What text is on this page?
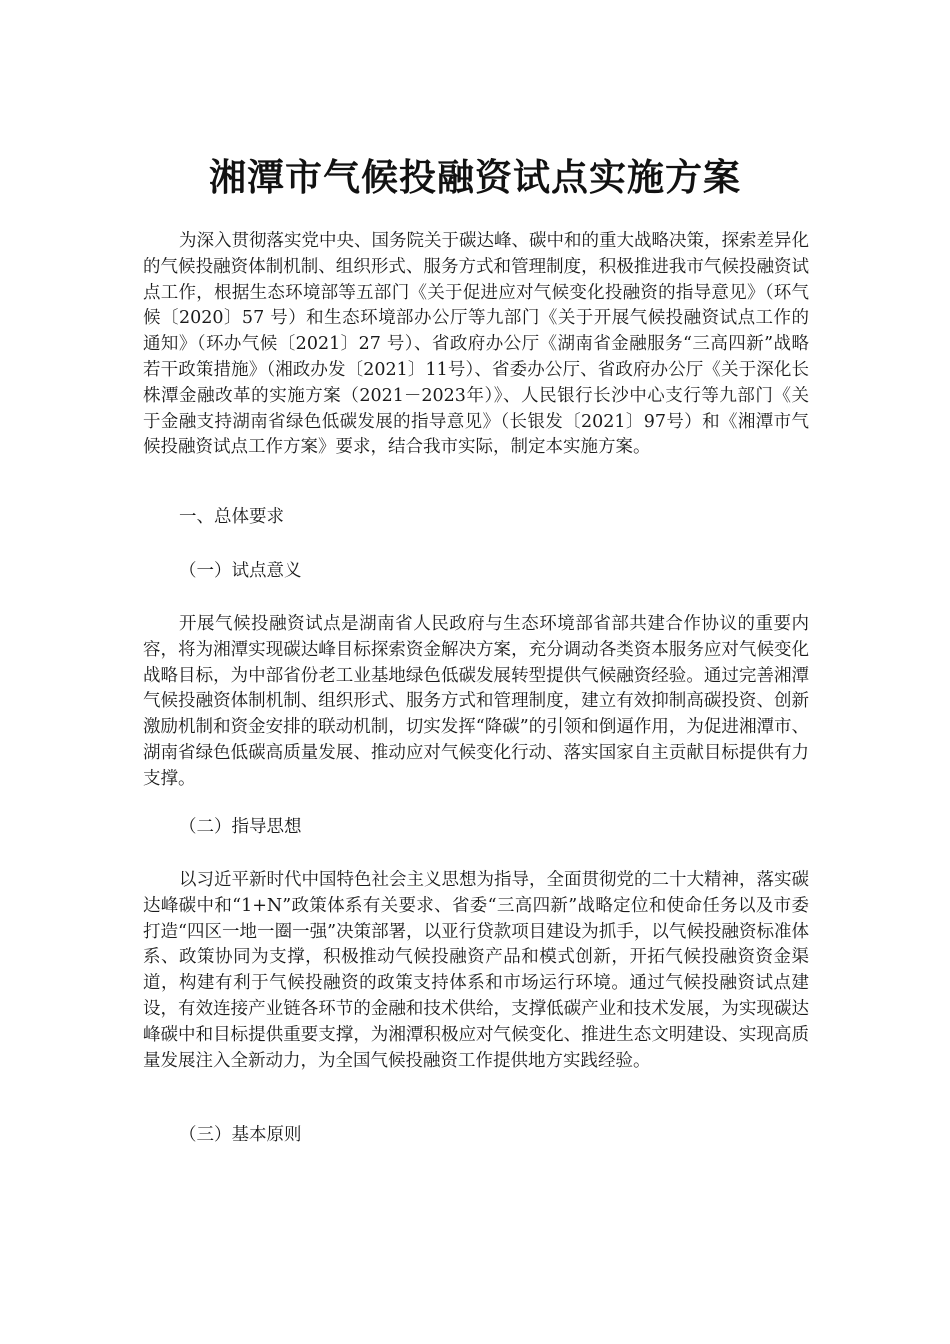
湘潭市气候投融资试点实施方案

为深入贯彻落实党中央、国务院关于碳达峰、碳中和的重大战略决策，探索差异化的气候投融资体制机制、组织形式、服务方式和管理制度，积极推进我市气候投融资试点工作，根据生态环境部等五部门《关于促进应对气候变化投融资的指导意见》（环气候〔2020〕57 号）和生态环境部办公厅等九部门《关于开展气候投融资试点工作的通知》（环办气候〔2021〕27 号）、省政府办公厅《湖南省金融服务“三高四新”战略若干政策措施》（湘政办发〔2021〕11号）、省委办公厅、省政府办公厅《关于深化长株潭金融改革的实施方案（2021－2023年）》、人民银行长沙中心支行等九部门《关于金融支持湖南省绿色低碳发展的指导意见》（长银发〔2021〕97号）和《湘潭市气候投融资试点工作方案》要求，结合我市实际，制定本实施方案。

一、总体要求

（一）试点意义

开展气候投融资试点是湖南省人民政府与生态环境部省部共建合作协议的重要内容，将为湘潭实现碳达峰目标探索资金解决方案，充分调动各类资本服务应对气候变化战略目标，为中部省份老工业基地绿色低碳发展转型提供气候融资经验。通过完善湘潭气候投融资体制机制、组织形式、服务方式和管理制度，建立有效抑制高碳投资、创新激励机制和资金安排的联动机制，切实发挥“降碳”的引领和倒逼作用，为促进湘潭市、湖南省绿色低碳高质量发展、推动应对气候变化行动、落实国家自主贡献目标提供有力支撑。

（二）指导思想

以习近平新时代中国特色社会主义思想为指导，全面贯彻党的二十大精神，落实碳达峰碳中和“1+N”政策体系有关要求、省委“三高四新”战略定位和使命任务以及市委打造“四区一地一圈一强”决策部署，以亚行贷款项目建设为抓手，以气候投融资标准体系、政策协同为支撑，积极推动气候投融资产品和模式创新，开拓气候投融资资金渠道，构建有利于气候投融资的政策支持体系和市场运行环境。通过气候投融资试点建设，有效连接产业链各环节的金融和技术供给，支撑低碳产业和技术发展，为实现碳达峰碳中和目标提供重要支撑，为湘潭积极应对气候变化、推进生态文明建设、实现高质量发展注入全新动力，为全国气候投融资工作提供地方实践经验。

（三）基本原则
